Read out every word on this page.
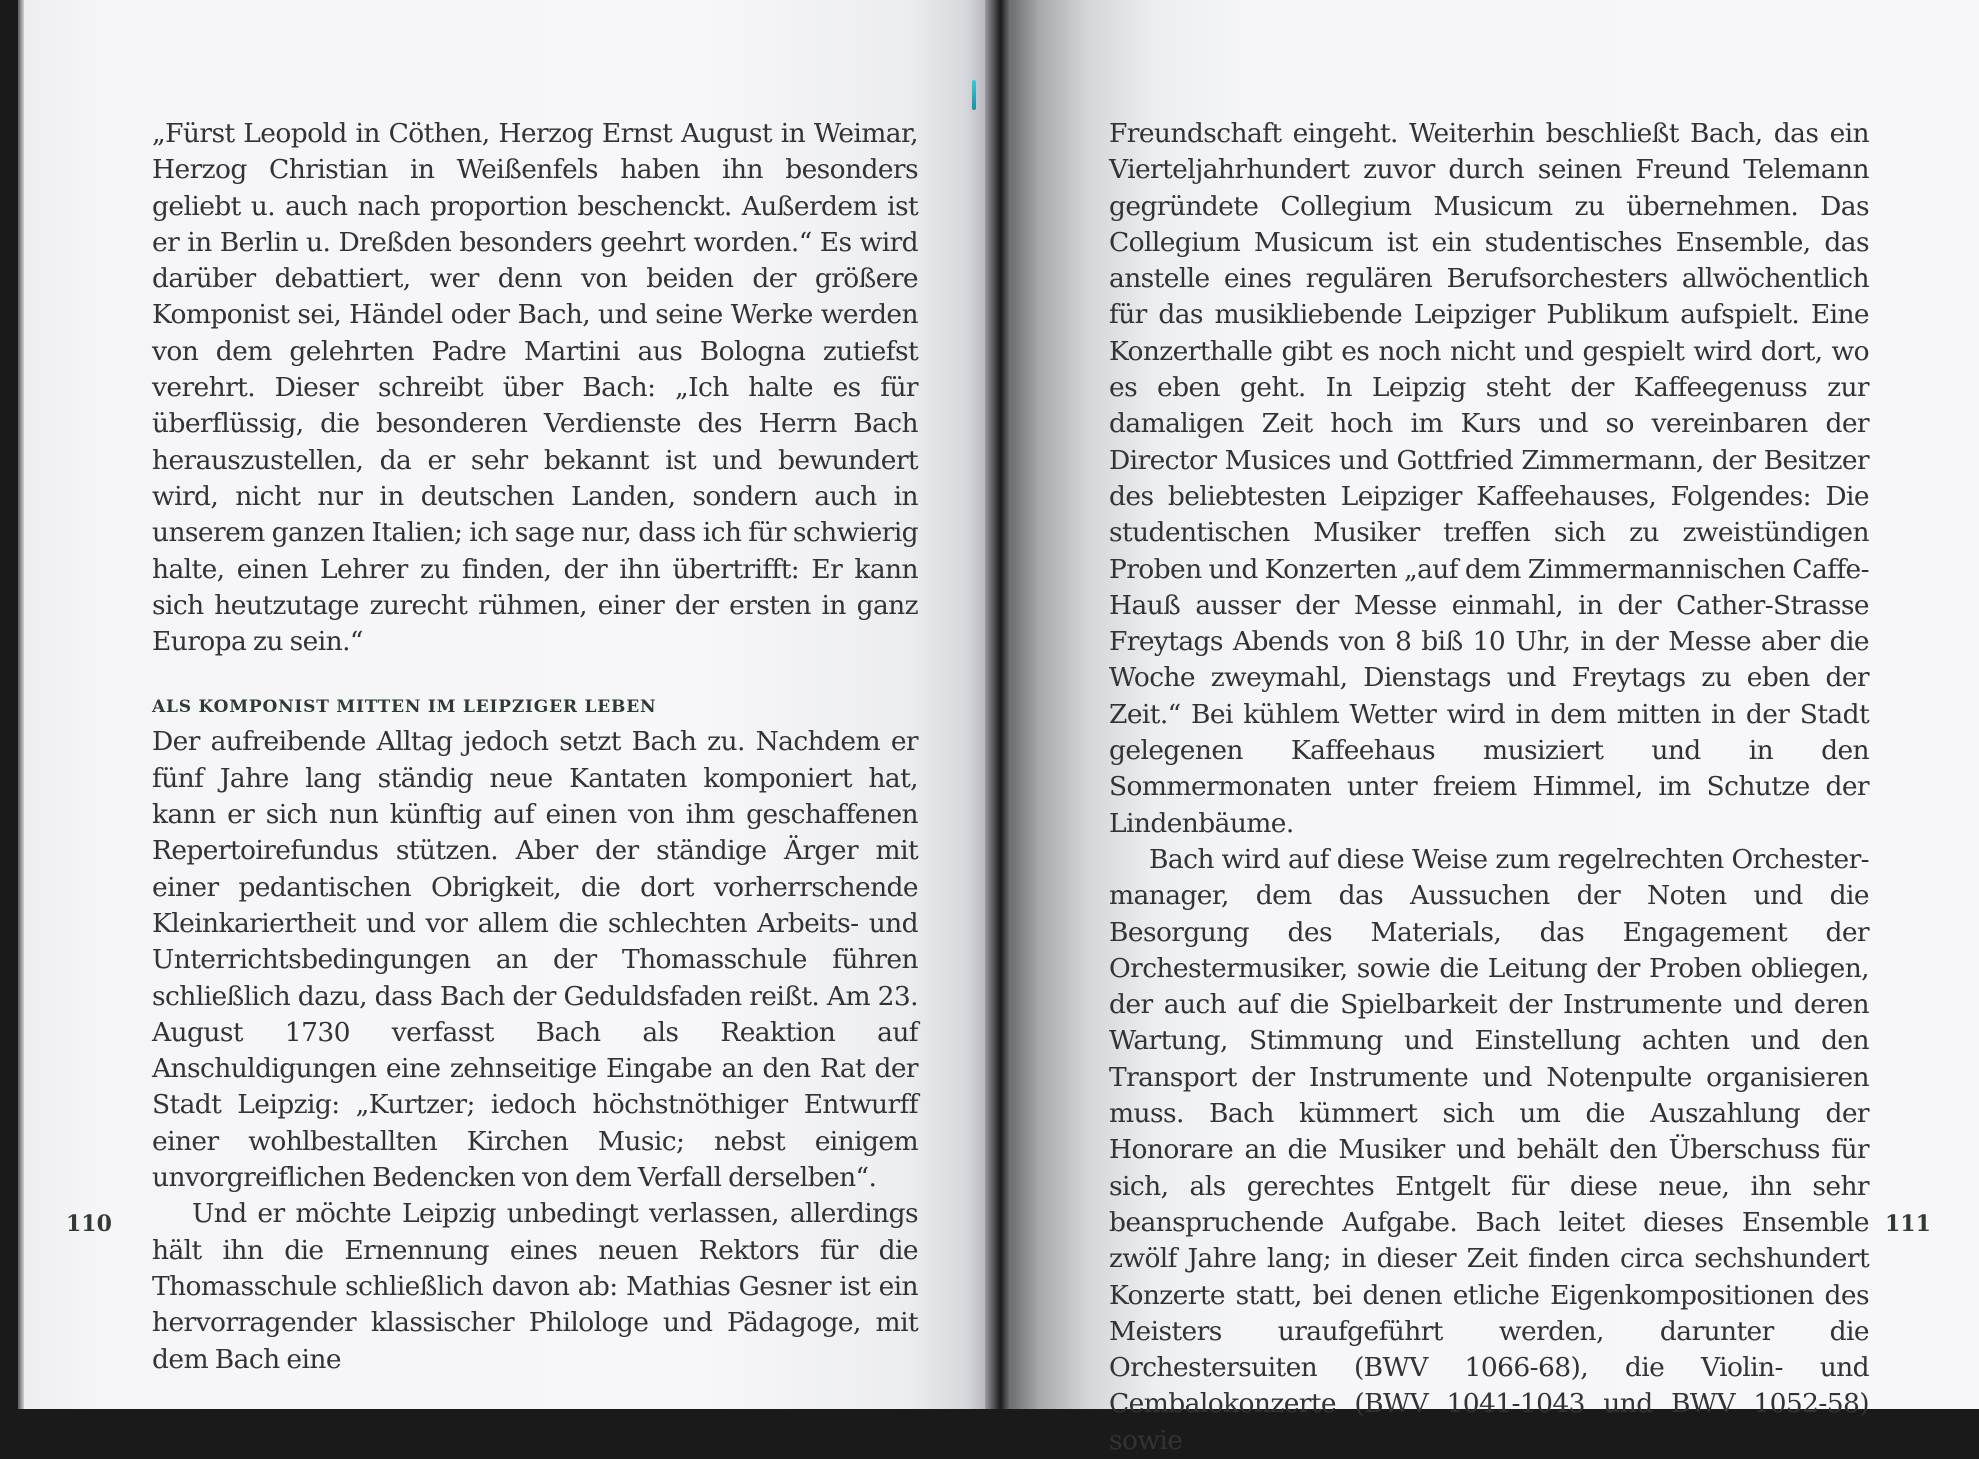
„Fürst Leopold in Cöthen, Herzog Ernst August in Weimar, Herzog Christian in Weißenfels haben ihn besonders geliebt u. auch nach proportion beschenckt. Außerdem ist er in Berlin u. Dreßden besonders geehrt worden.“ Es wird darüber debattiert, wer denn von beiden der größere Komponist sei, Händel oder Bach, und seine Werke werden von dem gelehrten Padre Martini aus Bologna zutiefst verehrt. Dieser schreibt über Bach: „Ich halte es für überflüssig, die besonderen Verdienste des Herrn Bach herauszustellen, da er sehr bekannt ist und bewundert wird, nicht nur in deutschen Landen, sondern auch in unserem ganzen Italien; ich sage nur, dass ich für schwierig halte, einen Lehrer zu finden, der ihn übertrifft: Er kann sich heutzutage zurecht rühmen, einer der ersten in ganz Europa zu sein.“

ALS KOMPONIST MITTEN IM LEIPZIGER LEBEN

Der aufreibende Alltag jedoch setzt Bach zu. Nachdem er fünf Jahre lang ständig neue Kantaten komponiert hat, kann er sich nun künftig auf einen von ihm geschaffenen Repertoirefundus stützen. Aber der ständige Ärger mit einer pedantischen Obrigkeit, die dort vorherrschende Kleinkariertheit und vor allem die schlechten Arbeits- und Unterrichtsbedingungen an der Thomasschule führen schließlich dazu, dass Bach der Geduldsfaden reißt. Am 23. August 1730 verfasst Bach als Reaktion auf Anschuldigungen eine zehnseitige Eingabe an den Rat der Stadt Leipzig: „Kurtzer; iedoch höchstnöthiger Entwurff einer wohlbestallten Kirchen Music; nebst einigem unvorgreiflichen Bedencken von dem Verfall derselben“.

Und er möchte Leipzig unbedingt verlassen, allerdings hält ihn die Ernennung eines neuen Rektors für die Thomasschule schließlich davon ab: Mathias Gesner ist ein hervorragender klassischer Philologe und Pädagoge, mit dem Bach eine

110

Freundschaft eingeht. Weiterhin beschließt Bach, das ein Vierteljahrhundert zuvor durch seinen Freund Telemann gegründete Collegium Musicum zu übernehmen. Das Collegium Musicum ist ein studentisches Ensemble, das anstelle eines regulären Berufsorchesters allwöchentlich für das musikliebende Leipziger Publikum aufspielt. Eine Konzerthalle gibt es noch nicht und gespielt wird dort, wo es eben geht. In Leipzig steht der Kaffeegenuss zur damaligen Zeit hoch im Kurs und so vereinbaren der Director Musices und Gottfried Zimmermann, der Besitzer des beliebtesten Leipziger Kaffeehauses, Folgendes: Die studentischen Musiker treffen sich zu zweistündigen Proben und Konzerten „auf dem Zimmermannischen Caffe-Hauß ausser der Messe einmahl, in der Cather-Strasse Freytags Abends von 8 biß 10 Uhr, in der Messe aber die Woche zweymahl, Dienstags und Freytags zu eben der Zeit.“ Bei kühlem Wetter wird in dem mitten in der Stadt gelegenen Kaffeehaus musiziert und in den Sommermonaten unter freiem Himmel, im Schutze der Lindenbäume.

Bach wird auf diese Weise zum regelrechten Orchester-manager, dem das Aussuchen der Noten und die Besorgung des Materials, das Engagement der Orchestermusiker, sowie die Leitung der Proben obliegen, der auch auf die Spielbarkeit der Instrumente und deren Wartung, Stimmung und Einstellung achten und den Transport der Instrumente und Notenpulte organisieren muss. Bach kümmert sich um die Auszahlung der Honorare an die Musiker und behält den Überschuss für sich, als gerechtes Entgelt für diese neue, ihn sehr beanspruchende Aufgabe. Bach leitet dieses Ensemble zwölf Jahre lang; in dieser Zeit finden circa sechshundert Konzerte statt, bei denen etliche Eigenkompositionen des Meisters uraufgeführt werden, darunter die Orchestersuiten (BWV 1066-68), die Violin- und Cembalokonzerte (BWV 1041-1043 und BWV 1052-58) sowie

111
